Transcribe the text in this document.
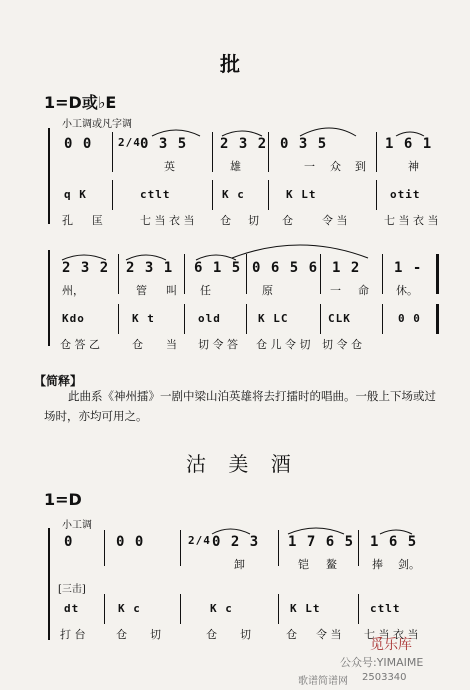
批
1=D或♭E
小工调或凡字调
0 0 2/4 0 3 5 2 3 2 0 3 5	1 6 1
英	雄	一 众 到	神
q K	ctlt	K c	K Lt	otit
孔 匡	七 当 衣 当 仓 切 仓	令 当	七 当 衣 当
2 3 2 2 3 1 6 1 5 0 6 5 6 1 2 1 -
州，	管 叫 任	原	一 命 休。
Kdo	K t	old	K LC	CLK	0 0
仓 答 乙	仓 当 切 令 答 仓 儿 令 切 切 令 仓
【简释】
此曲系《神州擂》一剧中梁山泊英雄将去打擂时的唱曲。一般上下场或过场时，亦均可用之。
沽 美 酒
1=D
小工调
0	0 0	2/4 0 2 3 1 7 6 5 1 6 5
卸	铠 鳌	捧 剑。
[三击]
dt	K c	K c	K Lt	ctlt
打 台	仓 切	仓 切	仓 令 当 七 当 衣 当
觅乐库
公众号:YIMAIME
歌谱简谱网 2503340
